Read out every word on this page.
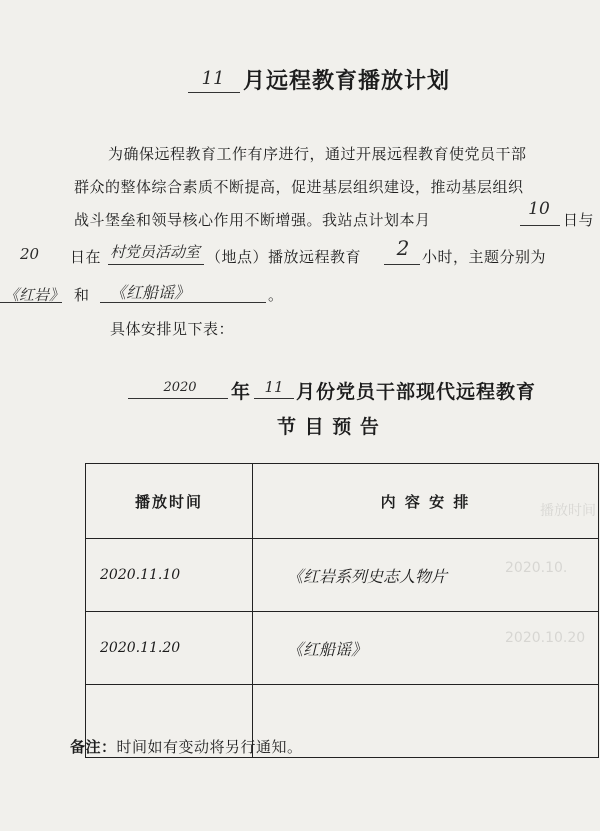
播放时间
2020.10.
2020.10.20
11 月远程教育播放计划
为确保远程教育工作有序进行，通过开展远程教育使党员干部
群众的整体综合素质不断提高，促进基层组织建设，推动基层组织
战斗堡垒和领导核心作用不断增强。我站点计划本月
10
日与
20 日在 村党员活动室 （地点）播放远程教育	2 小时，主题分别为
《红岩》 和 《红船谣》	。
具体安排见下表：
2020	年 11 月份党员干部现代远程教育
节 目 预 告
播放时间	内 容 安 排
2020.11.10	《红岩系列史志人物片
2020.11.20	《红船谣》

备注：时间如有变动将另行通知。
